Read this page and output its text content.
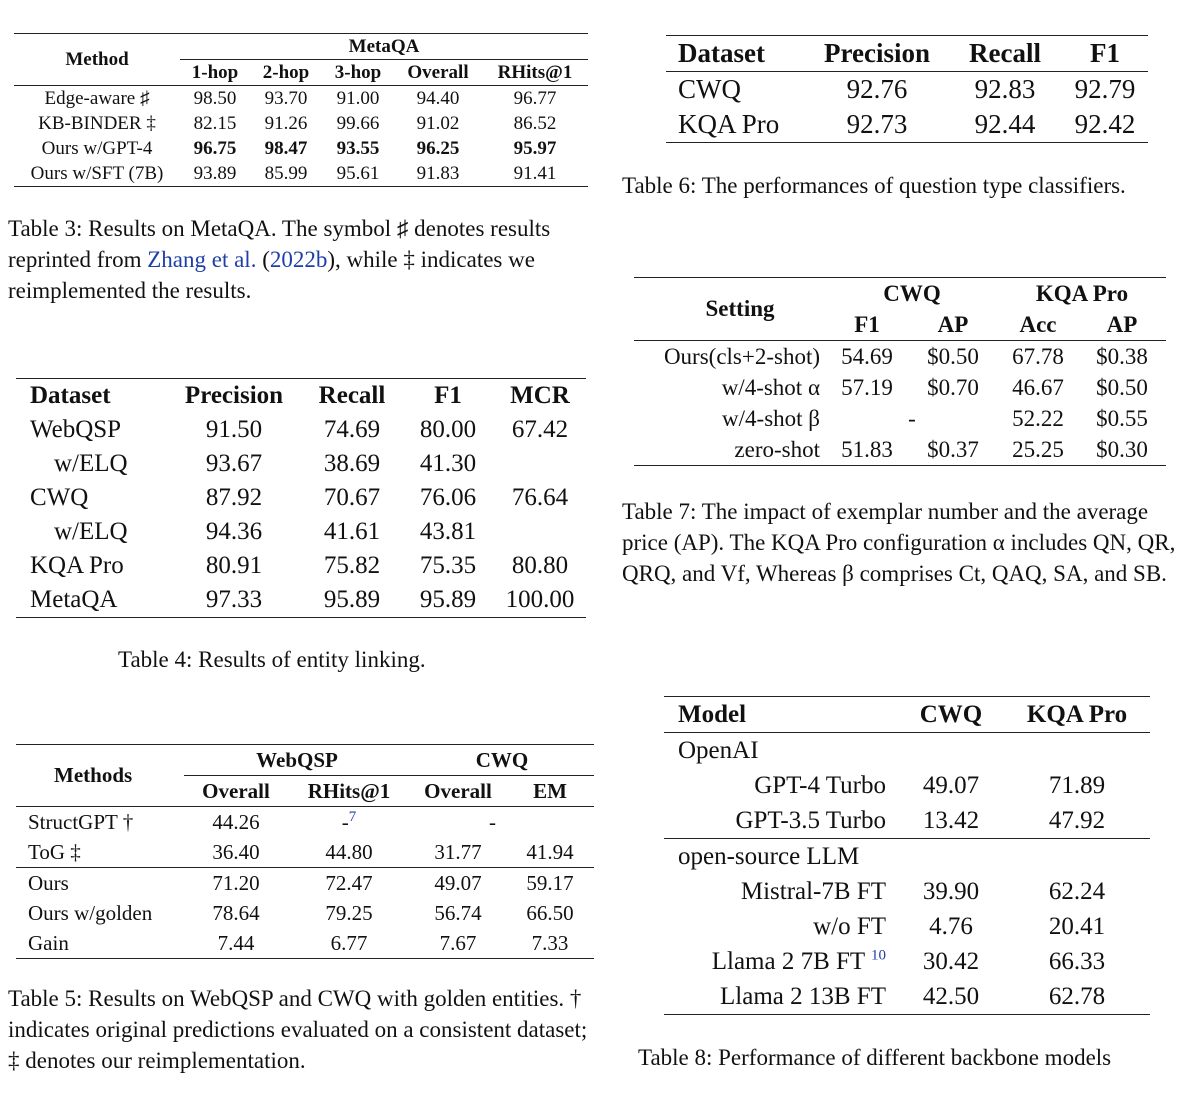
Method	MetaQA				
	1-hop	2-hop	3-hop	Overall	RHits@1
Edge-aware ♯	98.50	93.70	91.00	94.40	96.77
KB-BINDER ‡	82.15	91.26	99.66	91.02	86.52
Ours w/GPT-4	96.75	98.47	93.55	96.25	95.97
Ours w/SFT (7B)	93.89	85.99	95.61	91.83	91.41
Table 3: Results on MetaQA. The symbol ♯ denotes results reprinted from Zhang et al. (2022b), while ‡ indicates we reimplemented the results.
Dataset	Precision	Recall	F1	MCR
WebQSP	91.50	74.69	80.00	67.42
w/ELQ	93.67	38.69	41.30	
CWQ	87.92	70.67	76.06	76.64
w/ELQ	94.36	41.61	43.81	
KQA Pro	80.91	75.82	75.35	80.80
MetaQA	97.33	95.89	95.89	100.00
Table 4: Results of entity linking.
Methods	WebQSP		CWQ	
	Overall	RHits@1	Overall	EM
StructGPT †	44.26	-$^7$	-	
ToG ‡	36.40	44.80	31.77	41.94
Ours	71.20	72.47	49.07	59.17
Ours w/golden	78.64	79.25	56.74	66.50
Gain	7.44	6.77	7.67	7.33
Table 5: Results on WebQSP and CWQ with golden entities. † indicates original predictions evaluated on a consistent dataset; ‡ denotes our reimplementation.
Dataset	Precision	Recall	F1
CWQ	92.76	92.83	92.79
KQA Pro	92.73	92.44	92.42
Table 6: The performances of question type classifiers.
Setting	CWQ		KQA Pro	
	F1	AP	Acc	AP
Ours(cls+2-shot)	54.69	$0.50	67.78	$0.38
w/4-shot α	57.19	$0.70	46.67	$0.50
w/4-shot β	-		52.22	$0.55
zero-shot	51.83	$0.37	25.25	$0.30
Table 7: The impact of exemplar number and the average price (AP). The KQA Pro configuration α includes QN, QR, QRQ, and Vf, Whereas β comprises Ct, QAQ, SA, and SB.
Model	CWQ	KQA Pro
OpenAI		
GPT-4 Turbo	49.07	71.89
GPT-3.5 Turbo	13.42	47.92
open-source LLM		
Mistral-7B FT	39.90	62.24
w/o FT	4.76	20.41
Llama 2 7B FT $^{10}$	30.42	66.33
Llama 2 13B FT	42.50	62.78
Table 8: Performance of different backbone models
